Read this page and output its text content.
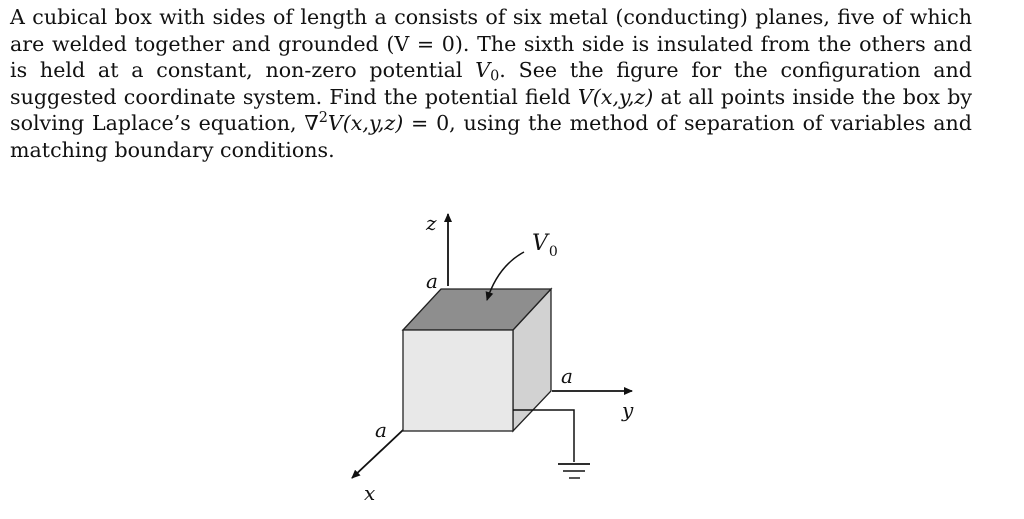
A cubical box with sides of length a consists of six metal (conducting) planes, five of which are welded together and grounded (V = 0). The sixth side is insulated from the others and is held at a constant, non-zero potential $V_0$. See the figure for the configuration and suggested coordinate system. Find the potential field V(x,y,z) at all points inside the box by solving Laplace’s equation, ∇$^2$V(x,y,z) = 0, using the method of separation of variables and matching boundary conditions.
z
y
x
a
a
a
$V_0$
